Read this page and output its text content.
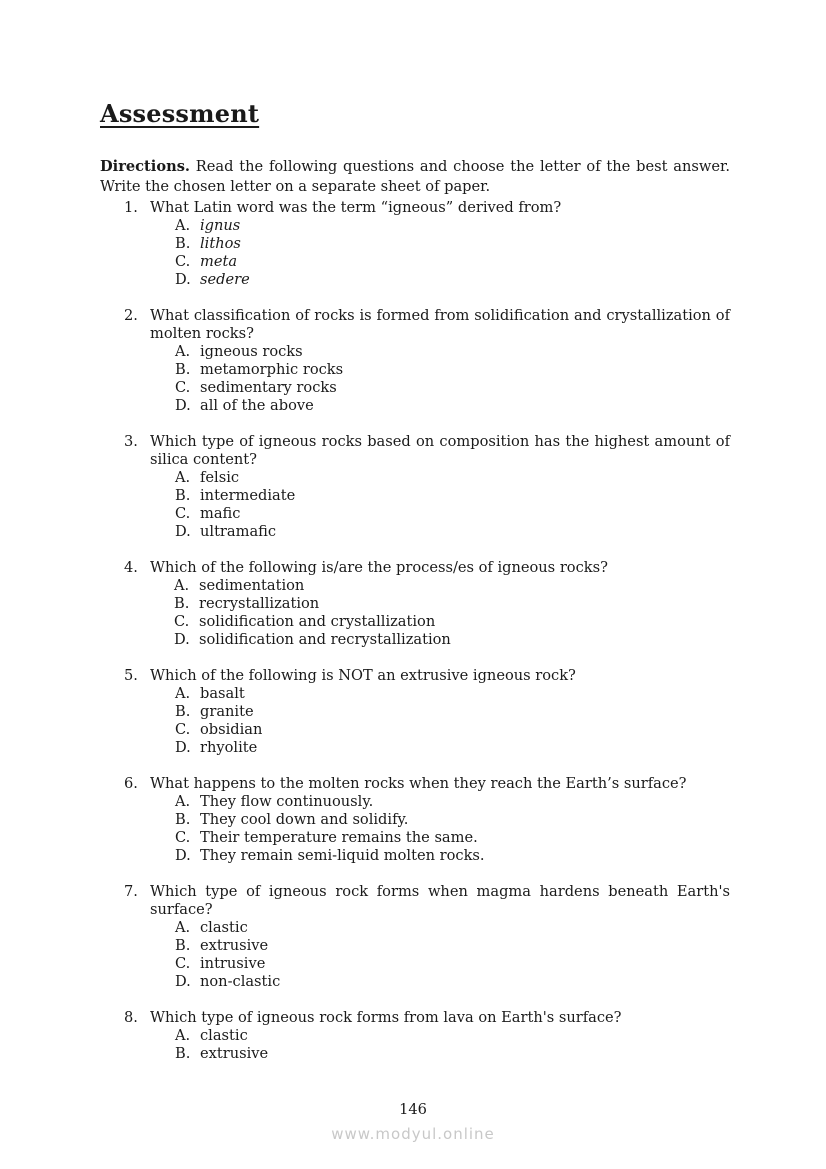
Assessment
Directions. Read the following questions and choose the letter of the best answer. Write the chosen letter on a separate sheet of paper.
1. What Latin word was the term “igneous” derived from?
A. ignus
B. lithos
C. meta
D. sedere
2. What classification of rocks is formed from solidification and crystallization of molten rocks?
A. igneous rocks
B. metamorphic rocks
C. sedimentary rocks
D. all of the above
3. Which type of igneous rocks based on composition has the highest amount of silica content?
A. felsic
B. intermediate
C. mafic
D. ultramafic
4. Which of the following is/are the process/es of igneous rocks?
A. sedimentation
B. recrystallization
C. solidification and crystallization
D. solidification and recrystallization
5. Which of the following is NOT an extrusive igneous rock?
A. basalt
B. granite
C. obsidian
D. rhyolite
6. What happens to the molten rocks when they reach the Earth’s surface?
A. They flow continuously.
B. They cool down and solidify.
C. Their temperature remains the same.
D. They remain semi-liquid molten rocks.
7. Which type of igneous rock forms when magma hardens beneath Earth's surface?
A. clastic
B. extrusive
C. intrusive
D. non-clastic
8. Which type of igneous rock forms from lava on Earth's surface?
A. clastic
B. extrusive
146
www.modyul.online
